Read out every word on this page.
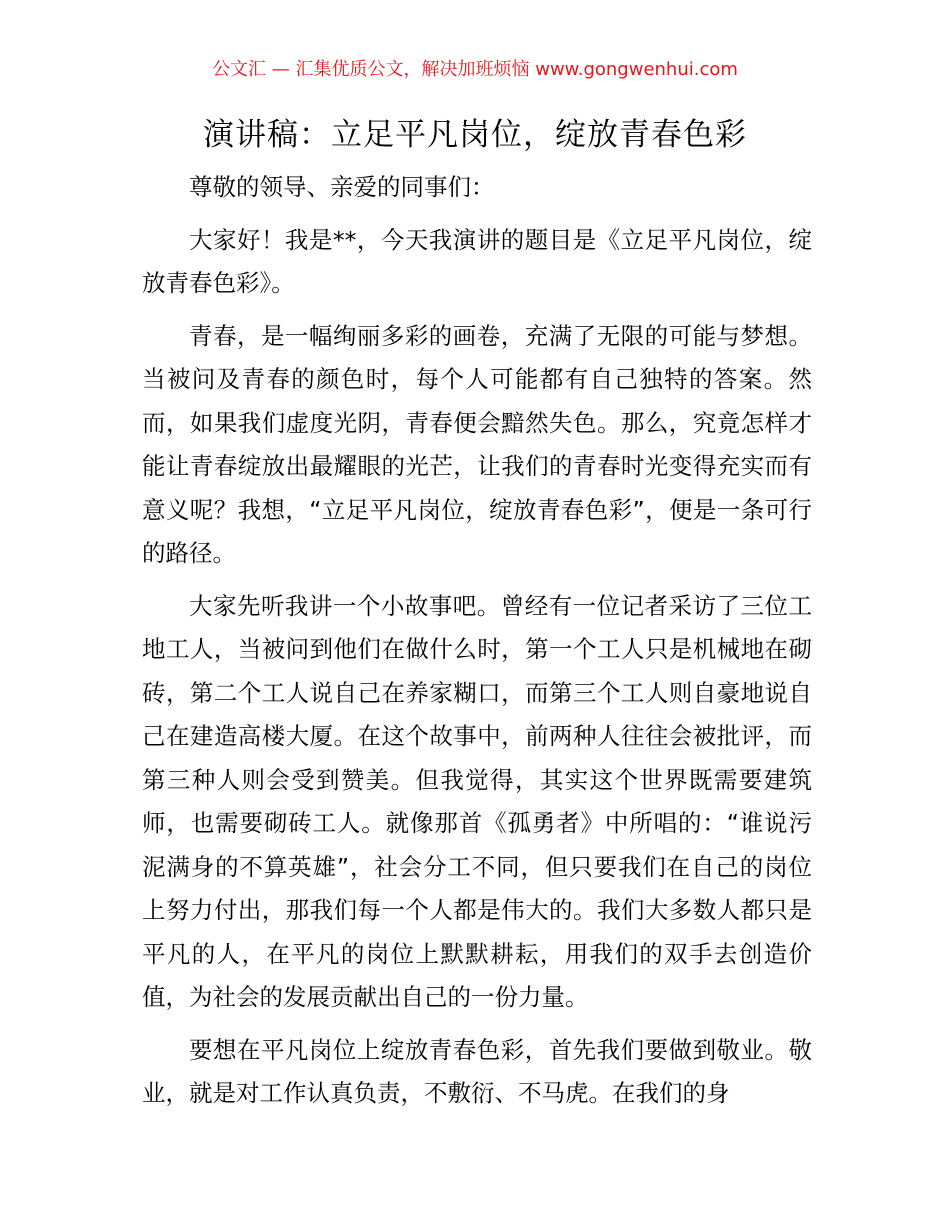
公文汇 — 汇集优质公文，解决加班烦恼 www.gongwenhui.com
演讲稿：立足平凡岗位，绽放青春色彩

尊敬的领导、亲爱的同事们：

大家好！我是**，今天我演讲的题目是《立足平凡岗位，绽放青春色彩》。

青春，是一幅绚丽多彩的画卷，充满了无限的可能与梦想。当被问及青春的颜色时，每个人可能都有自己独特的答案。然而，如果我们虚度光阴，青春便会黯然失色。那么，究竟怎样才能让青春绽放出最耀眼的光芒，让我们的青春时光变得充实而有意义呢？我想，“立足平凡岗位，绽放青春色彩”，便是一条可行的路径。

大家先听我讲一个小故事吧。曾经有一位记者采访了三位工地工人，当被问到他们在做什么时，第一个工人只是机械地在砌砖，第二个工人说自己在养家糊口，而第三个工人则自豪地说自己在建造高楼大厦。在这个故事中，前两种人往往会被批评，而第三种人则会受到赞美。但我觉得，其实这个世界既需要建筑师，也需要砌砖工人。就像那首《孤勇者》中所唱的：“谁说污泥满身的不算英雄”，社会分工不同，但只要我们在自己的岗位上努力付出，那我们每一个人都是伟大的。我们大多数人都只是平凡的人，在平凡的岗位上默默耕耘，用我们的双手去创造价值，为社会的发展贡献出自己的一份力量。

要想在平凡岗位上绽放青春色彩，首先我们要做到敬业。敬业，就是对工作认真负责，不敷衍、不马虎。在我们的身
